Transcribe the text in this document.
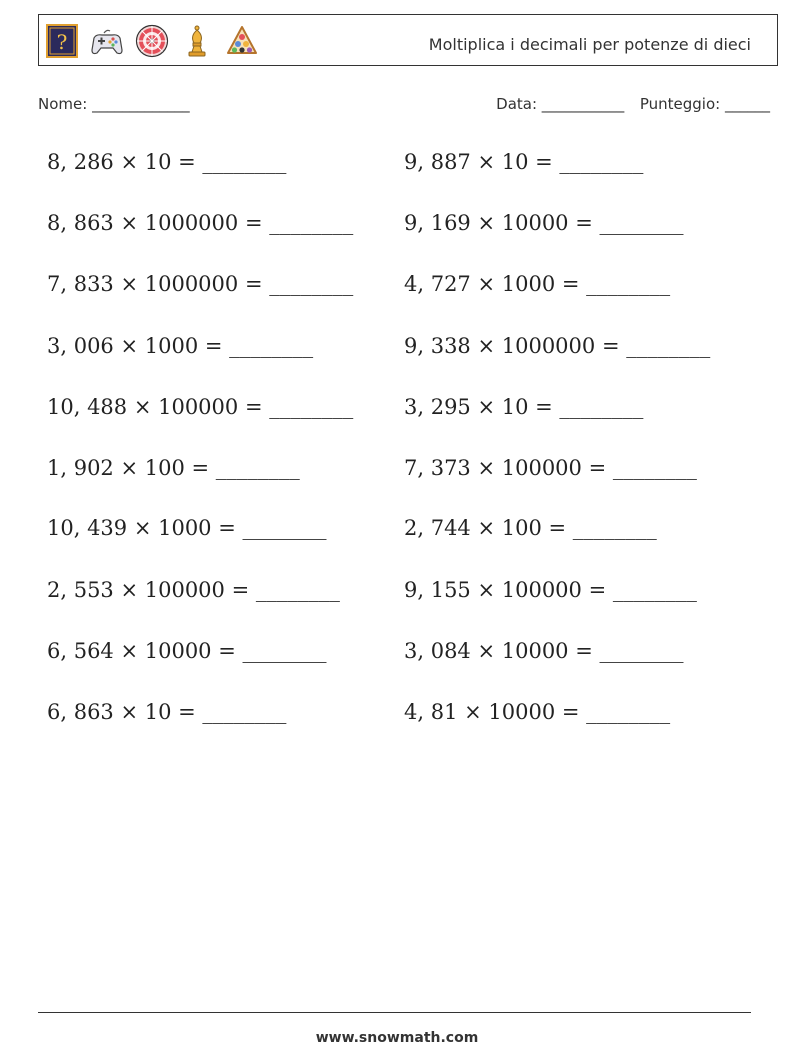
?	Moltiplica i decimali per potenze di dieci
Nome: _____________	Data: ___________ Punteggio: ______
8, 286 × 10 = ________	9, 887 × 10 = ________
8, 863 × 1000000 = ________ 9, 169 × 10000 = ________
7, 833 × 1000000 = ________ 4, 727 × 1000 = ________
3, 006 × 1000 = ________	9, 338 × 1000000 = ________
10, 488 × 100000 = ________ 3, 295 × 10 = ________
1, 902 × 100 = ________	7, 373 × 100000 = ________
10, 439 × 1000 = ________	2, 744 × 100 = ________
2, 553 × 100000 = ________	9, 155 × 100000 = ________
6, 564 × 10000 = ________	3, 084 × 10000 = ________
6, 863 × 10 = ________	4, 81 × 10000 = ________
www.snowmath.com
